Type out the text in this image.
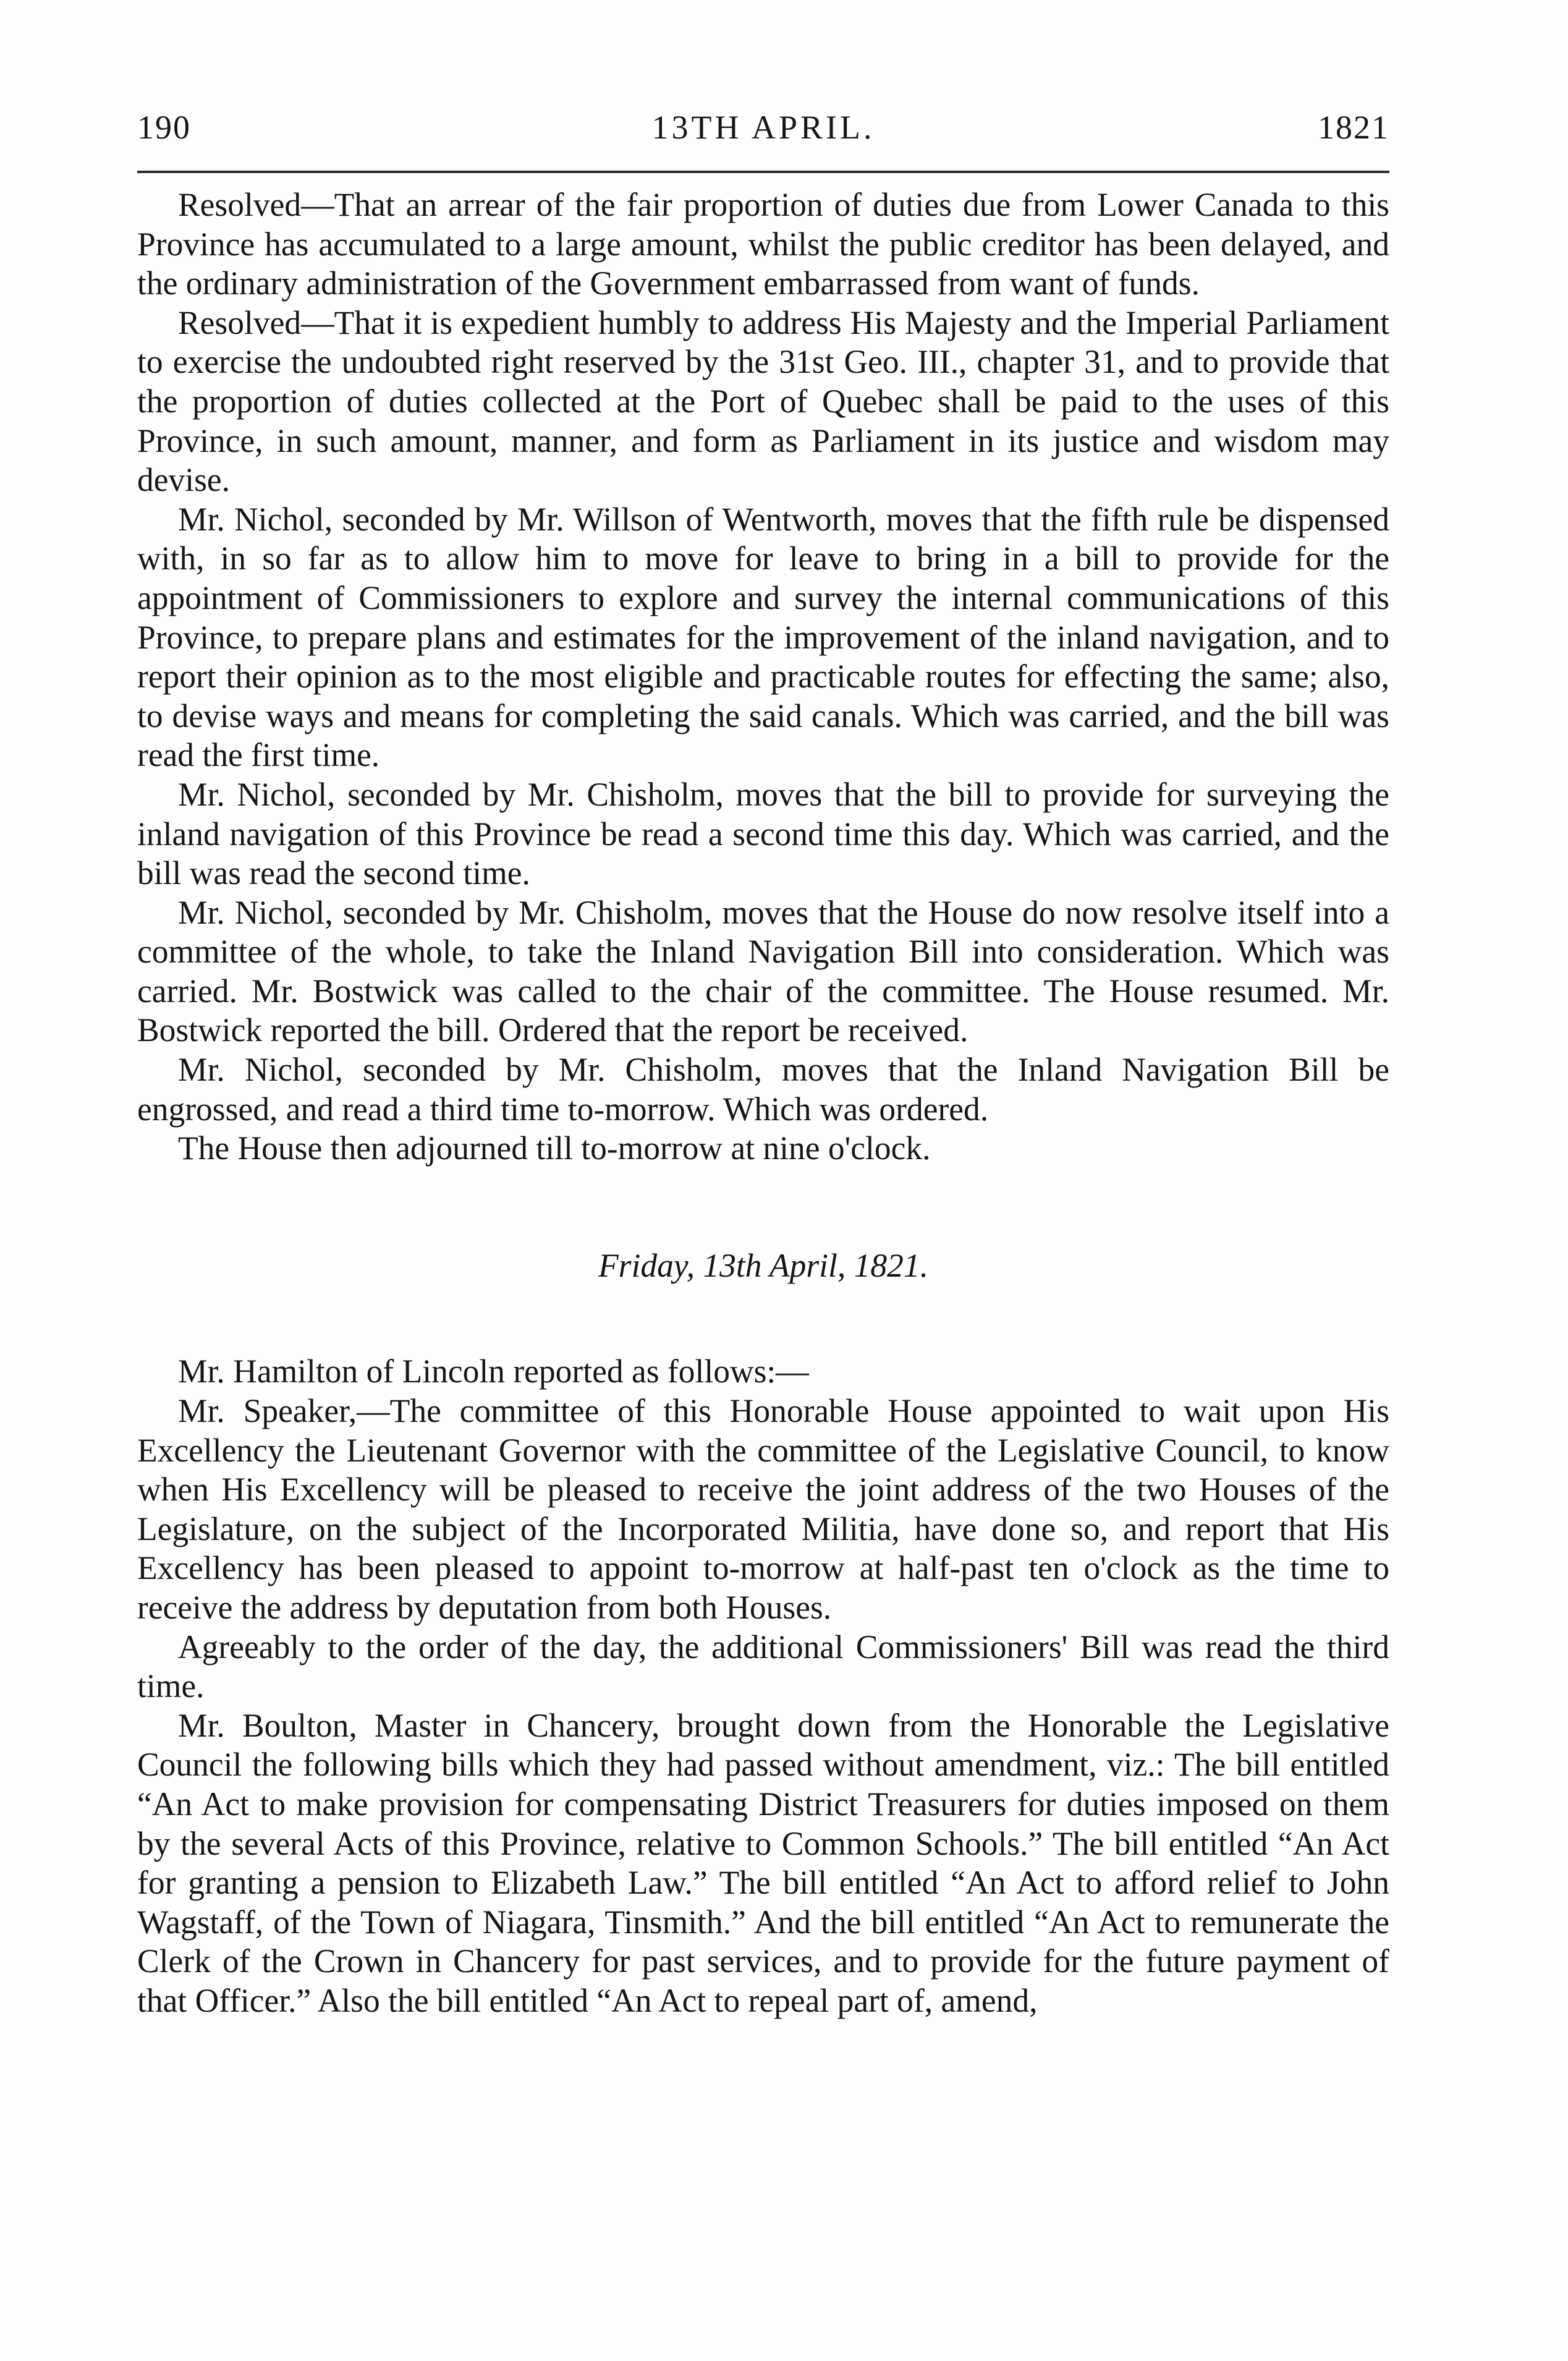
190	13TH APRIL.	1821

Resolved—That an arrear of the fair proportion of duties due from Lower Canada to this Province has accumulated to a large amount, whilst the public creditor has been delayed, and the ordinary administration of the Government embarrassed from want of funds.

Resolved—That it is expedient humbly to address His Majesty and the Imperial Parliament to exercise the undoubted right reserved by the 31st Geo. III., chapter 31, and to provide that the proportion of duties collected at the Port of Quebec shall be paid to the uses of this Province, in such amount, manner, and form as Parliament in its justice and wisdom may devise.

Mr. Nichol, seconded by Mr. Willson of Wentworth, moves that the fifth rule be dispensed with, in so far as to allow him to move for leave to bring in a bill to provide for the appointment of Commissioners to explore and survey the internal communications of this Province, to prepare plans and estimates for the improvement of the inland navigation, and to report their opinion as to the most eligible and practicable routes for effecting the same; also, to devise ways and means for completing the said canals. Which was carried, and the bill was read the first time.

Mr. Nichol, seconded by Mr. Chisholm, moves that the bill to provide for surveying the inland navigation of this Province be read a second time this day. Which was carried, and the bill was read the second time.

Mr. Nichol, seconded by Mr. Chisholm, moves that the House do now resolve itself into a committee of the whole, to take the Inland Navigation Bill into consideration. Which was carried. Mr. Bostwick was called to the chair of the committee. The House resumed. Mr. Bostwick reported the bill. Ordered that the report be received.

Mr. Nichol, seconded by Mr. Chisholm, moves that the Inland Navigation Bill be engrossed, and read a third time to-morrow. Which was ordered.

The House then adjourned till to-morrow at nine o'clock.

Friday, 13th April, 1821.

Mr. Hamilton of Lincoln reported as follows:—

Mr. Speaker,—The committee of this Honorable House appointed to wait upon His Excellency the Lieutenant Governor with the committee of the Legislative Council, to know when His Excellency will be pleased to receive the joint address of the two Houses of the Legislature, on the subject of the Incorporated Militia, have done so, and report that His Excellency has been pleased to appoint to-morrow at half-past ten o'clock as the time to receive the address by deputation from both Houses.

Agreeably to the order of the day, the additional Commissioners' Bill was read the third time.

Mr. Boulton, Master in Chancery, brought down from the Honorable the Legislative Council the following bills which they had passed without amendment, viz.: The bill entitled “An Act to make provision for compensating District Treasurers for duties imposed on them by the several Acts of this Province, relative to Common Schools.” The bill entitled “An Act for granting a pension to Elizabeth Law.” The bill entitled “An Act to afford relief to John Wagstaff, of the Town of Niagara, Tinsmith.” And the bill entitled “An Act to remunerate the Clerk of the Crown in Chancery for past services, and to provide for the future payment of that Officer.” Also the bill entitled “An Act to repeal part of, amend,
